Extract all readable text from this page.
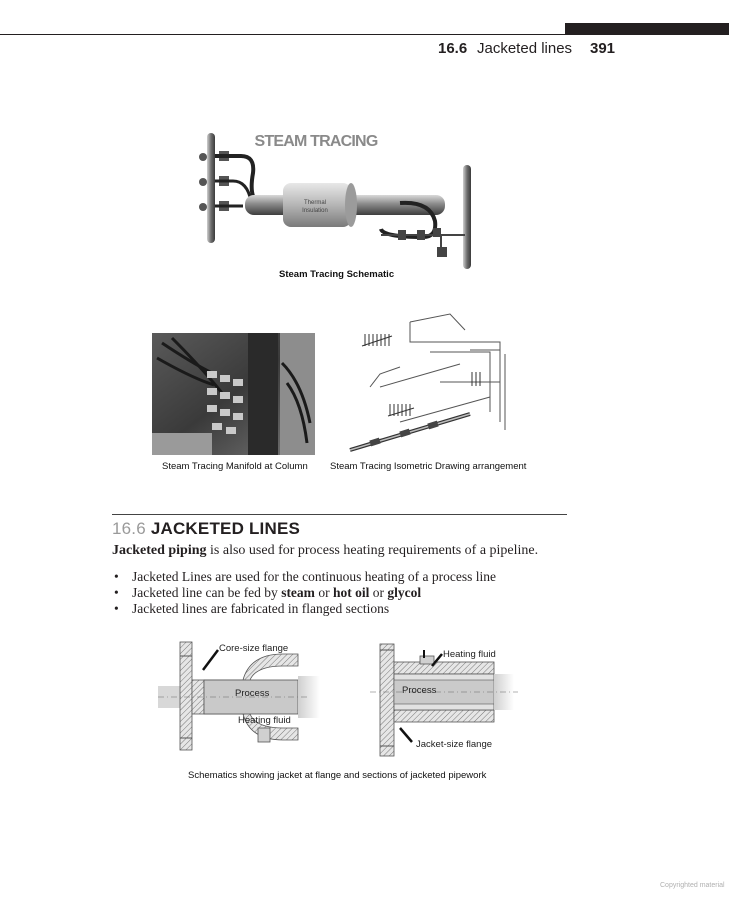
16.6 Jacketed lines 391
STEAM TRACING
Thermal
Insulation
Steam Tracing Schematic
Steam Tracing Manifold at Column Steam Tracing Isometric Drawing arrangement
16.6 JACKETED LINES
Jacketed piping is also used for process heating requirements of a pipeline.
• Jacketed Lines are used for the continuous heating of a process line
• Jacketed line can be fed by steam or hot oil or glycol
• Jacketed lines are fabricated in flanged sections
Core-size flange
Process
Heating fluid
Heating fluid
Process
Jacket-size flange
Schematics showing jacket at flange and sections of jacketed pipework
Copyrighted material
